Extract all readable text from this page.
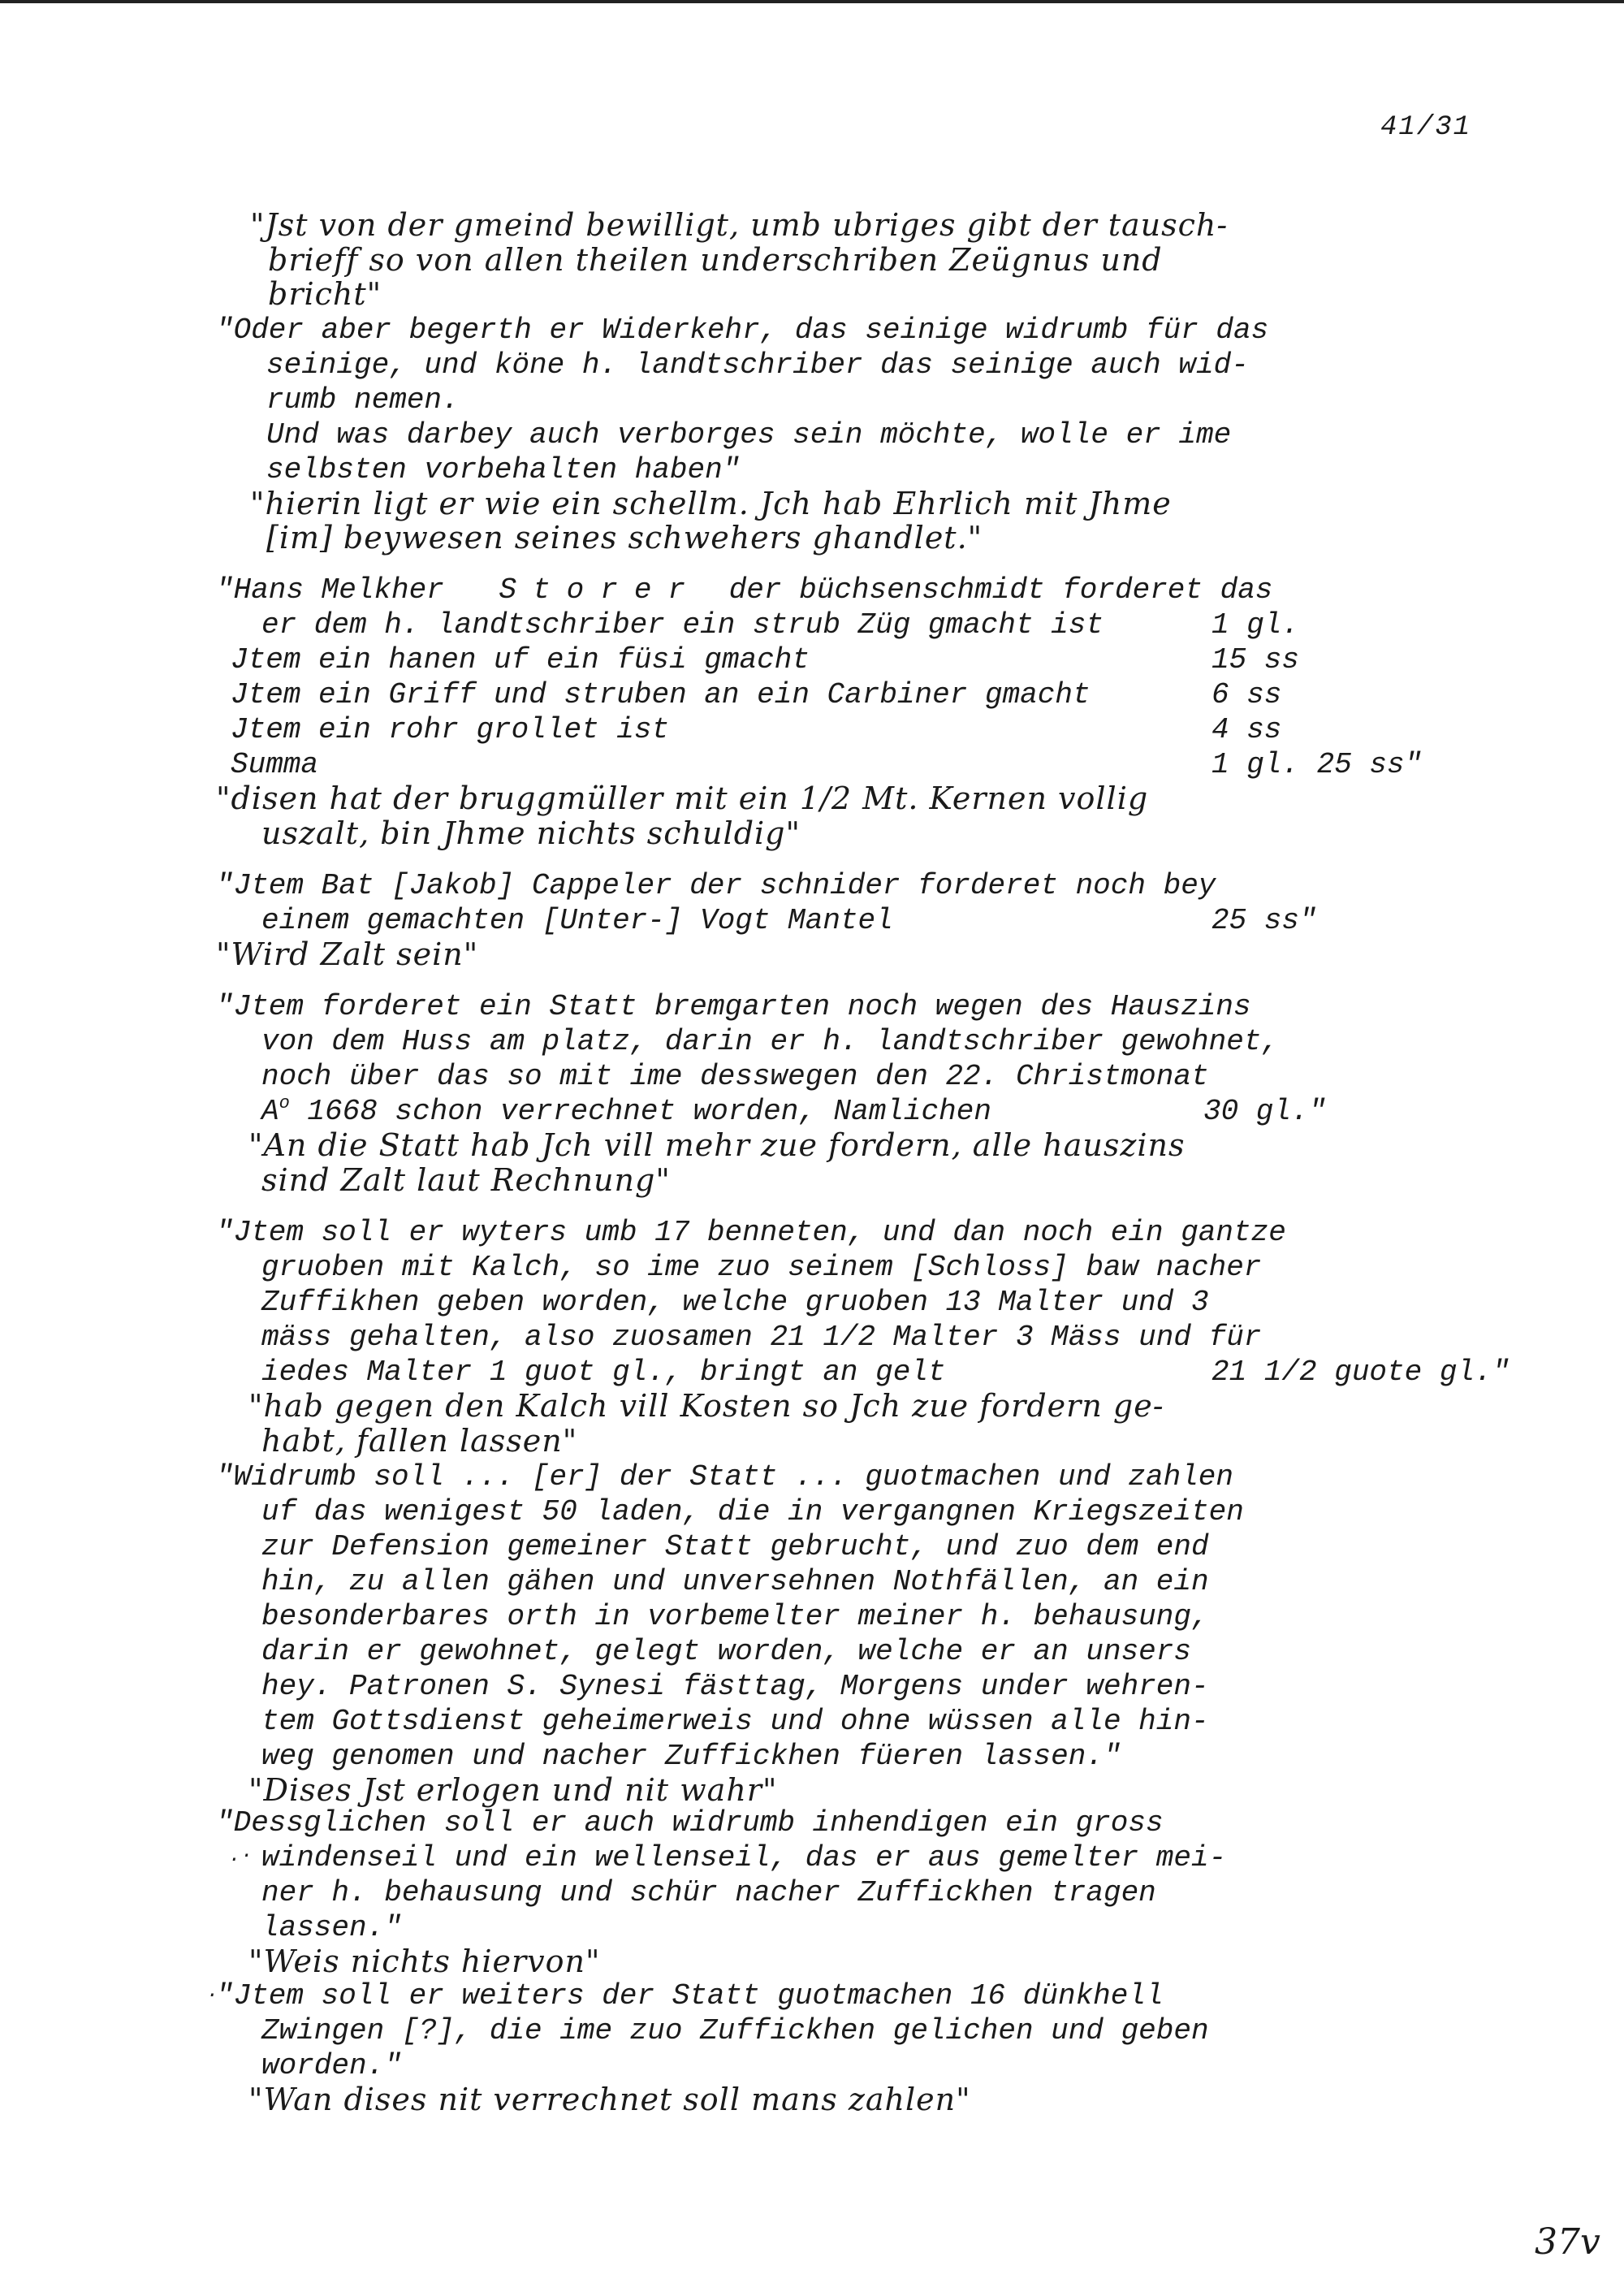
41/31
"Jst von der gmeind bewilligt, umb ubriges gibt der tausch-
brieff so von allen theilen underschriben Zeügnus und
bricht"
"Oder aber begerth er Widerkehr, das seinige widrumb für das
seinige, und köne h. landtschriber das seinige auch wid-
rumb nemen.
Und was darbey auch verborges sein möchte, wolle er ime
selbsten vorbehalten haben"
"hierin ligt er wie ein schellm. Jch hab Ehrlich mit Jhme
[im] beywesen seines schwehers ghandlet."
"Hans Melkher Storer der büchsenschmidt forderet das
er dem h. landtschriber ein strub Züg gmacht ist	1 gl.
Jtem ein hanen uf ein füsi gmacht	15 ss
Jtem ein Griff und struben an ein Carbiner gmacht	6 ss
Jtem ein rohr grollet ist	4 ss
Summa	1 gl. 25 ss"
"disen hat der bruggmüller mit ein 1/2 Mt. Kernen vollig
uszalt, bin Jhme nichts schuldig"
"Jtem Bat [Jakob] Cappeler der schnider forderet noch bey
einem gemachten [Unter-] Vogt Mantel	25 ss"
"Wird Zalt sein"
"Jtem forderet ein Statt bremgarten noch wegen des Hauszins
von dem Huss am platz, darin er h. landtschriber gewohnet,
noch über das so mit ime desswegen den 22. Christmonat
$A^o$ 1668 schon verrechnet worden, Namlichen	30 gl."
"An die Statt hab Jch vill mehr zue fordern, alle hauszins
sind Zalt laut Rechnung"
"Jtem soll er wyters umb 17 benneten, und dan noch ein gantze
gruoben mit Kalch, so ime zuo seinem [Schloss] baw nacher
Zuffikhen geben worden, welche gruoben 13 Malter und 3
mäss gehalten, also zuosamen 21 1/2 Malter 3 Mäss und für
iedes Malter 1 guot gl., bringt an gelt	21 1/2 guote gl."
"hab gegen den Kalch vill Kosten so Jch zue fordern ge-
habt, fallen lassen"
"Widrumb soll ... [er] der Statt ... guotmachen und zahlen
uf das wenigest 50 laden, die in vergangnen Kriegszeiten
zur Defension gemeiner Statt gebrucht, und zuo dem end
hin, zu allen gähen und unversehnen Nothfällen, an ein
besonderbares orth in vorbemelter meiner h. behausung,
darin er gewohnet, gelegt worden, welche er an unsers
hey. Patronen S. Synesi fästtag, Morgens under wehren-
tem Gottsdienst geheimerweis und ohne wüssen alle hin-
weg genomen und nacher Zuffickhen füeren lassen."
"Dises Jst erlogen und nit wahr"
"Dessglichen soll er auch widrumb inhendigen ein gross
.· windenseil und ein wellenseil, das er aus gemelter mei-
ner h. behausung und schür nacher Zuffickhen tragen
lassen."
"Weis nichts hiervon"
·
"Jtem soll er weiters der Statt guotmachen 16 dünkhell
Zwingen [?], die ime zuo Zuffickhen gelichen und geben
worden."
"Wan dises nit verrechnet soll mans zahlen"
37v
